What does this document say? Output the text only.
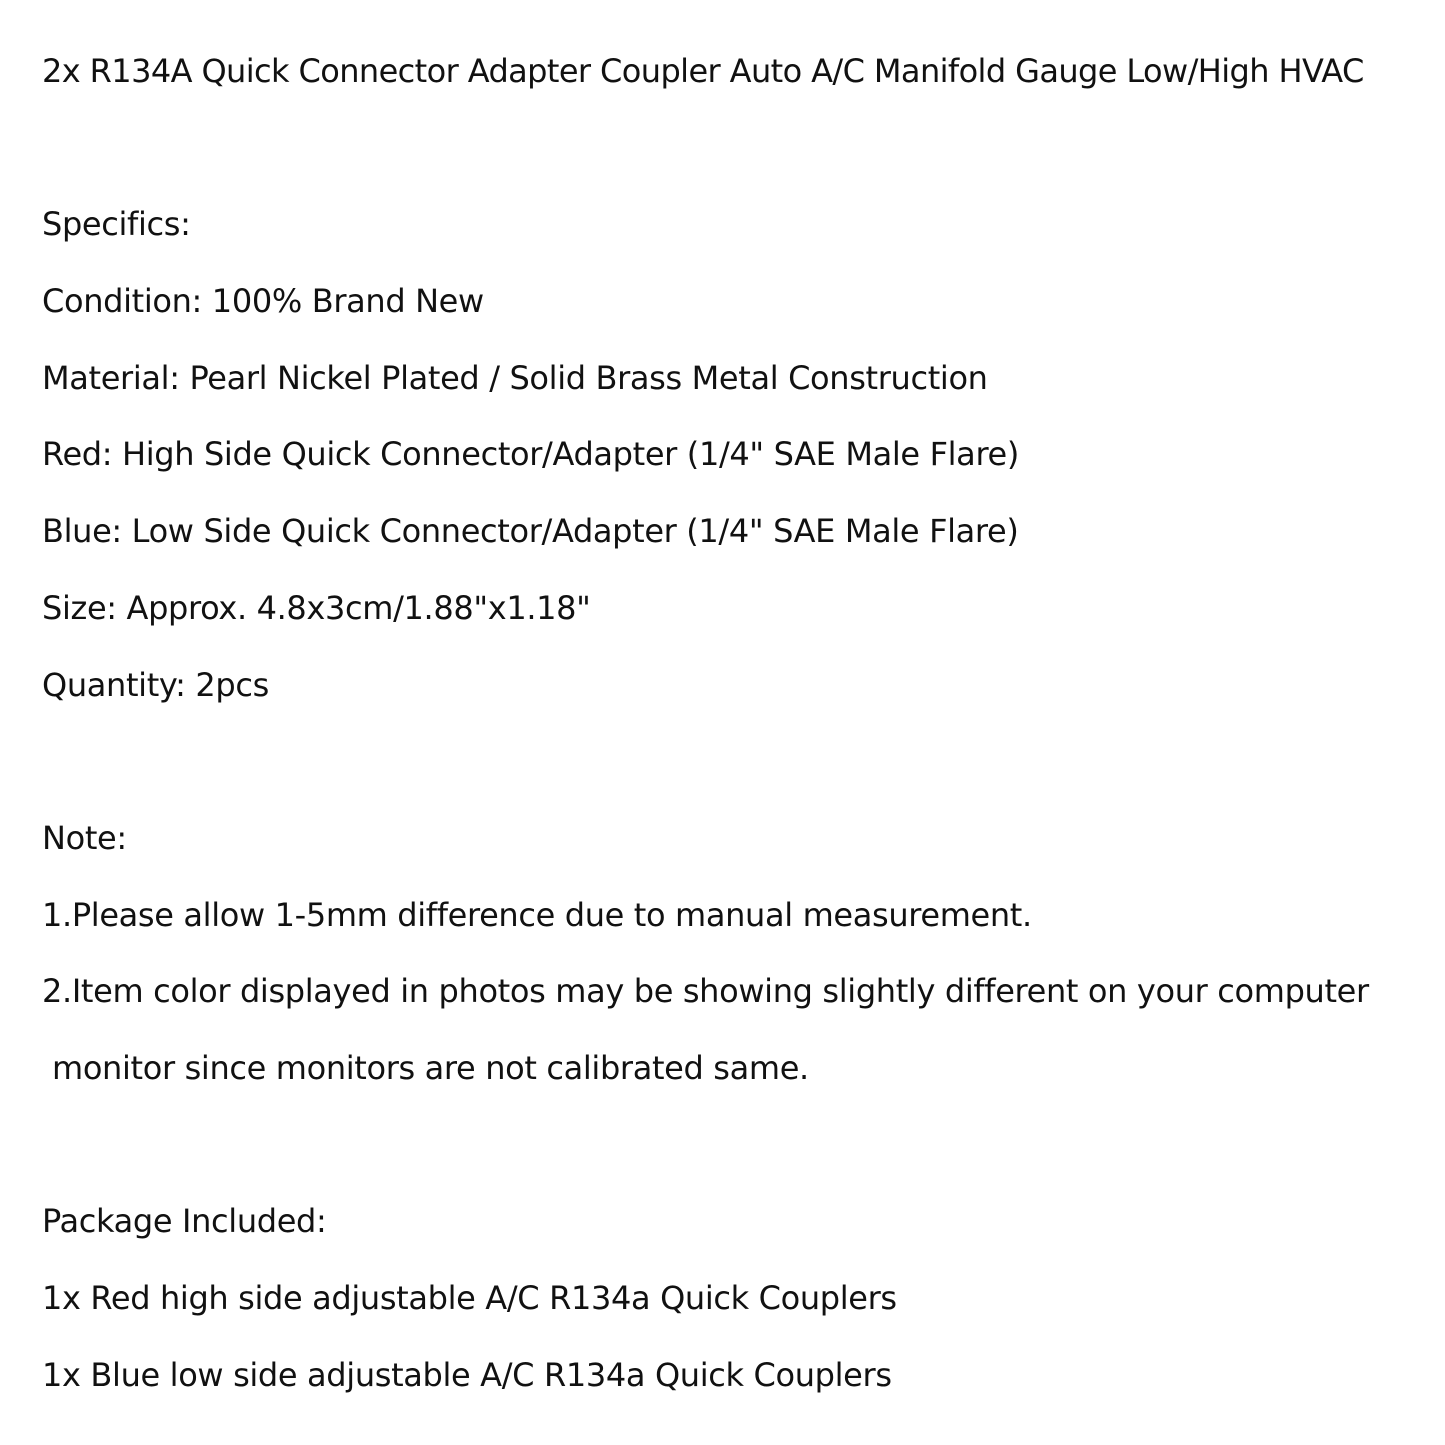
2x R134A Quick Connector Adapter Coupler Auto A/C Manifold Gauge Low/High HVAC
Specifics:
Condition: 100% Brand New
Material: Pearl Nickel Plated / Solid Brass Metal Construction
Red: High Side Quick Connector/Adapter (1/4" SAE Male Flare)
Blue: Low Side Quick Connector/Adapter (1/4" SAE Male Flare)
Size: Approx. 4.8x3cm/1.88"x1.18"
Quantity: 2pcs
Note:
1.Please allow 1-5mm difference due to manual measurement.
2.Item color displayed in photos may be showing slightly different on your computer
monitor since monitors are not calibrated same.
Package Included:
1x Red high side adjustable A/C R134a Quick Couplers
1x Blue low side adjustable A/C R134a Quick Couplers
